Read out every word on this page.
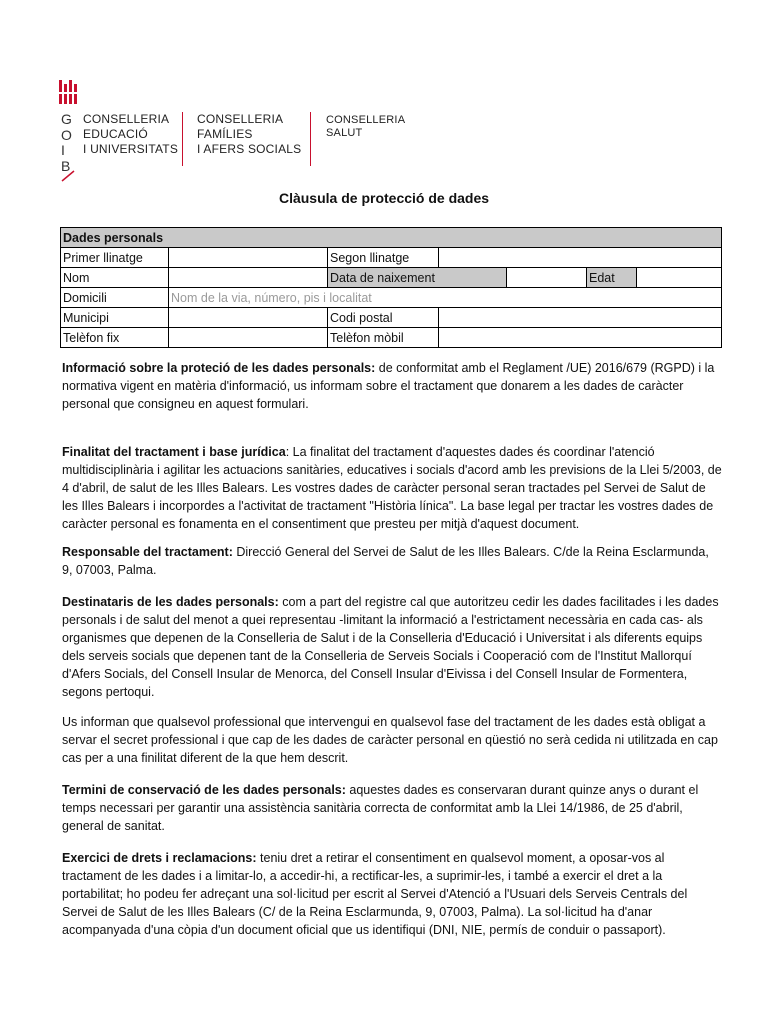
G
O
I
B
CONSELLERIA
EDUCACIÓ
I UNIVERSITATS
CONSELLERIA
FAMÍLIES
I AFERS SOCIALS
CONSELLERIA
SALUT
Clàusula de protecció de dades
Dades personals						
Primer llinatge		Segon llinatge				
Nom		Data de naixement			Edat	
Domicili	Nom de la via, número, pis i localitat					
Municipi		Codi postal				
Telèfon fix		Telèfon mòbil				

Informació sobre la proteció de les dades personals: de conformitat amb el Reglament /UE) 2016/679 (RGPD) i la normativa vigent en matèria d'informació, us informam sobre el tractament que donarem a les dades de caràcter personal que consigneu en aquest formulari.

Finalitat del tractament i base jurídica: La finalitat del tractament d'aquestes dades és coordinar l'atenció multidisciplinària i agilitar les actuacions sanitàries, educatives i socials d'acord amb les previsions de la Llei 5/2003, de 4 d'abril, de salut de les Illes Balears. Les vostres dades de caràcter personal seran tractades pel Servei de Salut de les Illes Balears i incorpordes a l'activitat de tractament "Història línica". La base legal per tractar les vostres dades de caràcter personal es fonamenta en el consentiment que presteu per mitjà d'aquest document.

Responsable del tractament: Direcció General del Servei de Salut de les Illes Balears. C/de la Reina Esclarmunda, 9, 07003, Palma.

Destinataris de les dades personals: com a part del registre cal que autoritzeu cedir les dades facilitades i les dades personals i de salut del menot a quei representau -limitant la informació a l'estrictament necessària en cada cas- als organismes que depenen de la Conselleria de Salut i de la Conselleria d'Educació i Universitat i als diferents equips dels serveis socials que depenen tant de la Conselleria de Serveis Socials i Cooperació com de l'Institut Mallorquí d'Afers Socials, del Consell Insular de Menorca, del Consell Insular d'Eivissa i del Consell Insular de Formentera, segons pertoqui.

Us informan que qualsevol professional que intervengui en qualsevol fase del tractament de les dades està obligat a servar el secret professional i que cap de les dades de caràcter personal en qüestió no serà cedida ni utilitzada en cap cas per a una finilitat diferent de la que hem descrit.

Termini de conservació de les dades personals: aquestes dades es conservaran durant quinze anys o durant el temps necessari per garantir una assistència sanitària correcta de conformitat amb la Llei 14/1986, de 25 d'abril, general de sanitat.

Exercici de drets i reclamacions: teniu dret a retirar el consentiment en qualsevol moment, a oposar-vos al tractament de les dades i a limitar-lo, a accedir-hi, a rectificar-les, a suprimir-les, i també a exercir el dret a la portabilitat; ho podeu fer adreçant una sol·licitud per escrit al Servei d'Atenció a l'Usuari dels Serveis Centrals del Servei de Salut de les Illes Balears (C/ de la Reina Esclarmunda, 9, 07003, Palma). La sol·licitud ha d'anar acompanyada d'una còpia d'un document oficial que us identifiqui (DNI, NIE, permís de conduir o passaport).
